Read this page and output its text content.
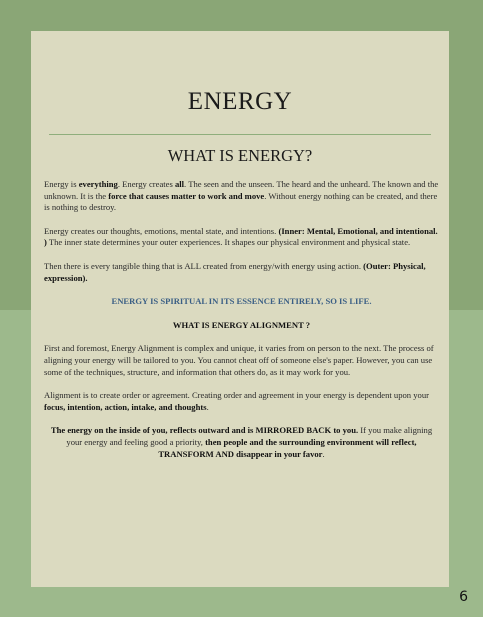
ENERGY
WHAT IS ENERGY?

Energy is everything. Energy creates all. The seen and the unseen. The heard and the unheard. The known and the unknown. It is the force that causes matter to work and move. Without energy nothing can be created, and there is nothing to destroy.

Energy creates our thoughts, emotions, mental state, and intentions. (Inner: Mental, Emotional, and intentional. ) The inner state determines your outer experiences. It shapes our physical environment and physical state.

Then there is every tangible thing that is ALL created from energy/with energy using action. (Outer: Physical, expression).

ENERGY IS SPIRITUAL IN ITS ESSENCE ENTIRELY, SO IS LIFE.

WHAT IS ENERGY ALIGNMENT ?

First and foremost, Energy Alignment is complex and unique, it varies from on person to the next. The process of aligning your energy will be tailored to you. You cannot cheat off of someone else's paper. However, you can use some of the techniques, structure, and information that others do, as it may work for you.

Alignment is to create order or agreement. Creating order and agreement in your energy is dependent upon your focus, intention, action, intake, and thoughts.

The energy on the inside of you, reflects outward and is MIRRORED BACK to you. If you make aligning your energy and feeling good a priority, then people and the surrounding environment will reflect,
TRANSFORM AND disappear in your favor.

6
